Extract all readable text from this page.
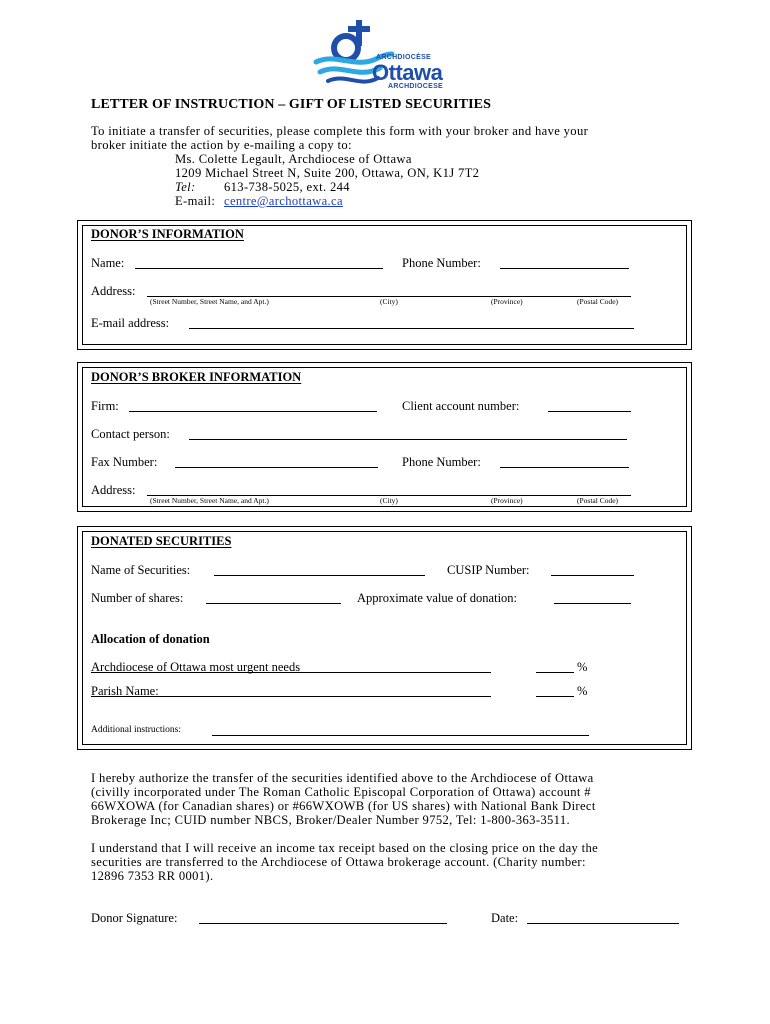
ARCHDIOCÈSE
Ottawa
ARCHDIOCESE
LETTER OF INSTRUCTION – GIFT OF LISTED SECURITIES
To initiate a transfer of securities, please complete this form with your broker and have your
broker initiate the action by e-mailing a copy to:
Ms. Colette Legault, Archdiocese of Ottawa
1209 Michael Street N, Suite 200, Ottawa, ON, K1J 7T2
Tel: 613-738-5025, ext. 244
E-mail: centre@archottawa.ca
DONOR’S INFORMATION
Name:	Phone Number:
Address:
(Street Number, Street Name, and Apt.)	(City)	(Province)	(Postal Code)
E-mail address:
DONOR’S BROKER INFORMATION
Firm:	Client account number:
Contact person:
Fax Number:	Phone Number:
Address:
(Street Number, Street Name, and Apt.)	(City)	(Province)	(Postal Code)
DONATED SECURITIES
Name of Securities:	CUSIP Number:
Number of shares:	Approximate value of donation:
Allocation of donation
Archdiocese of Ottawa most urgent needs	%
Parish Name:	%
Additional instructions:
I hereby authorize the transfer of the securities identified above to the Archdiocese of Ottawa
(civilly incorporated under The Roman Catholic Episcopal Corporation of Ottawa) account #
66WXOWA (for Canadian shares) or #66WXOWB (for US shares) with National Bank Direct
Brokerage Inc; CUID number NBCS, Broker/Dealer Number 9752, Tel: 1-800-363-3511.
I understand that I will receive an income tax receipt based on the closing price on the day the
securities are transferred to the Archdiocese of Ottawa brokerage account. (Charity number:
12896 7353 RR 0001).
Donor Signature:	Date:
